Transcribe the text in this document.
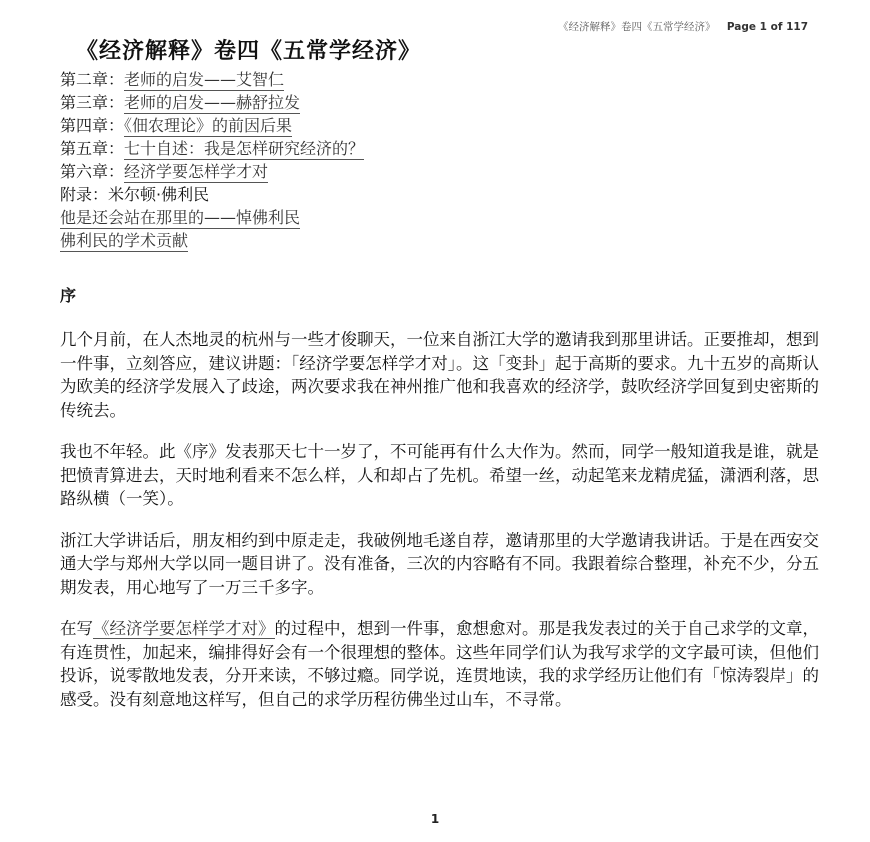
《经济解释》卷四《五常学经济》 Page 1 of 117
《经济解释》卷四《五常学经济》
第二章：老师的启发——艾智仁
第三章：老师的启发——赫舒拉发
第四章：《佃农理论》的前因后果
第五章：七十自述：我是怎样研究经济的？
第六章：经济学要怎样学才对
附录：米尔顿·佛利民
他是还会站在那里的——悼佛利民
佛利民的学术贡献
序

几个月前，在人杰地灵的杭州与一些才俊聊天，一位来自浙江大学的邀请我到那里讲话。正要推却，想到一件事，立刻答应，建议讲题：「经济学要怎样学才对」。这「变卦」起于高斯的要求。九十五岁的高斯认为欧美的经济学发展入了歧途，两次要求我在神州推广他和我喜欢的经济学，鼓吹经济学回复到史密斯的传统去。

我也不年轻。此《序》发表那天七十一岁了，不可能再有什么大作为。然而，同学一般知道我是谁，就是把愤青算进去，天时地利看来不怎么样，人和却占了先机。希望一丝，动起笔来龙精虎猛，潇洒利落，思路纵横（一笑）。

浙江大学讲话后，朋友相约到中原走走，我破例地毛遂自荐，邀请那里的大学邀请我讲话。于是在西安交通大学与郑州大学以同一题目讲了。没有准备，三次的内容略有不同。我跟着综合整理，补充不少，分五期发表，用心地写了一万三千多字。

在写《经济学要怎样学才对》的过程中，想到一件事，愈想愈对。那是我发表过的关于自己求学的文章，有连贯性，加起来，编排得好会有一个很理想的整体。这些年同学们认为我写求学的文字最可读，但他们投诉，说零散地发表，分开来读，不够过瘾。同学说，连贯地读，我的求学经历让他们有「惊涛裂岸」的感受。没有刻意地这样写，但自己的求学历程彷佛坐过山车，不寻常。

1
